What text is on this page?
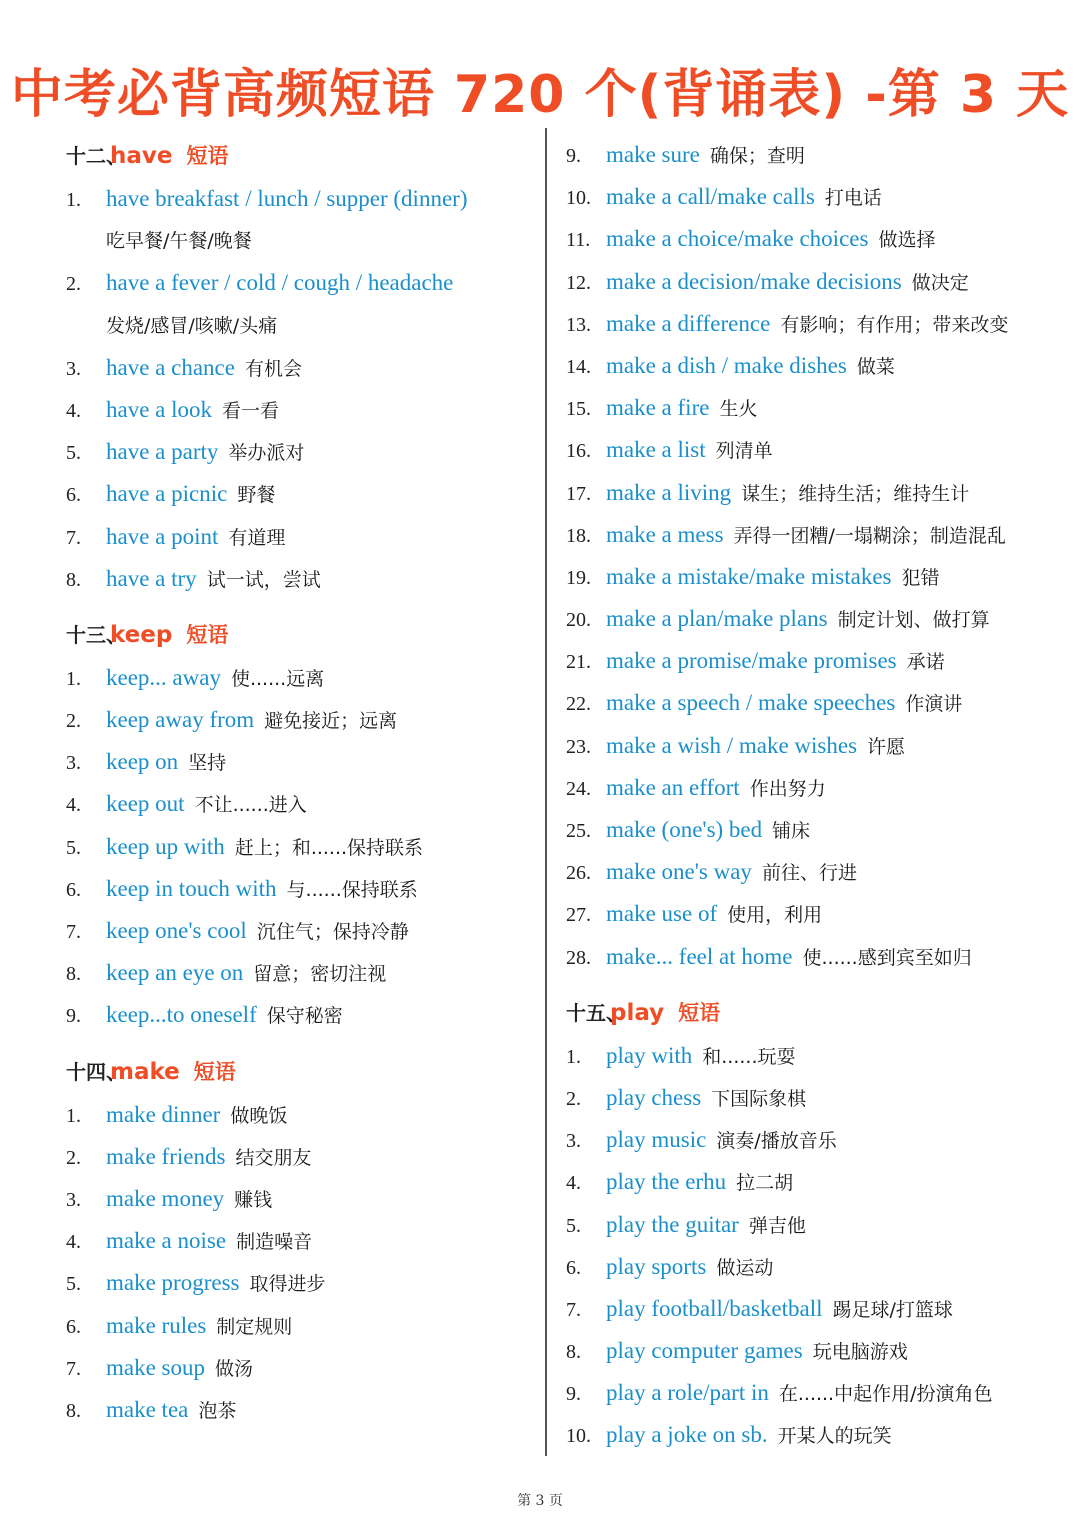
中考必背高频短语 720 个(背诵表) -第 3 天
十二、have 短语
1. have breakfast / lunch / supper (dinner)
吃早餐/午餐/晚餐
2. have a fever / cold / cough / headache
发烧/感冒/咳嗽/头痛
3. have a chance 有机会
4. have a look 看一看
5. have a party 举办派对
6. have a picnic 野餐
7. have a point 有道理
8. have a try 试一试，尝试
十三、keep 短语
1. keep... away 使......远离
2. keep away from 避免接近；远离
3. keep on 坚持
4. keep out 不让......进入
5. keep up with 赶上；和......保持联系
6. keep in touch with 与......保持联系
7. keep one's cool 沉住气；保持冷静
8. keep an eye on 留意；密切注视
9. keep...to oneself 保守秘密
十四、make 短语
1. make dinner 做晚饭
2. make friends 结交朋友
3. make money 赚钱
4. make a noise 制造噪音
5. make progress 取得进步
6. make rules 制定规则
7. make soup 做汤
8. make tea 泡茶
9. make sure 确保；查明
10. make a call/make calls 打电话
11. make a choice/make choices 做选择
12. make a decision/make decisions 做决定
13. make a difference 有影响；有作用；带来改变
14. make a dish / make dishes 做菜
15. make a fire 生火
16. make a list 列清单
17. make a living 谋生；维持生活；维持生计
18. make a mess 弄得一团糟/一塌糊涂；制造混乱
19. make a mistake/make mistakes 犯错
20. make a plan/make plans 制定计划、做打算
21. make a promise/make promises 承诺
22. make a speech / make speeches 作演讲
23. make a wish / make wishes 许愿
24. make an effort 作出努力
25. make (one's) bed 铺床
26. make one's way 前往、行进
27. make use of 使用，利用
28. make... feel at home 使......感到宾至如归
十五、play 短语
1. play with 和......玩耍
2. play chess 下国际象棋
3. play music 演奏/播放音乐
4. play the erhu 拉二胡
5. play the guitar 弹吉他
6. play sports 做运动
7. play football/basketball 踢足球/打篮球
8. play computer games 玩电脑游戏
9. play a role/part in 在......中起作用/扮演角色
10. play a joke on sb. 开某人的玩笑
第 3 页
